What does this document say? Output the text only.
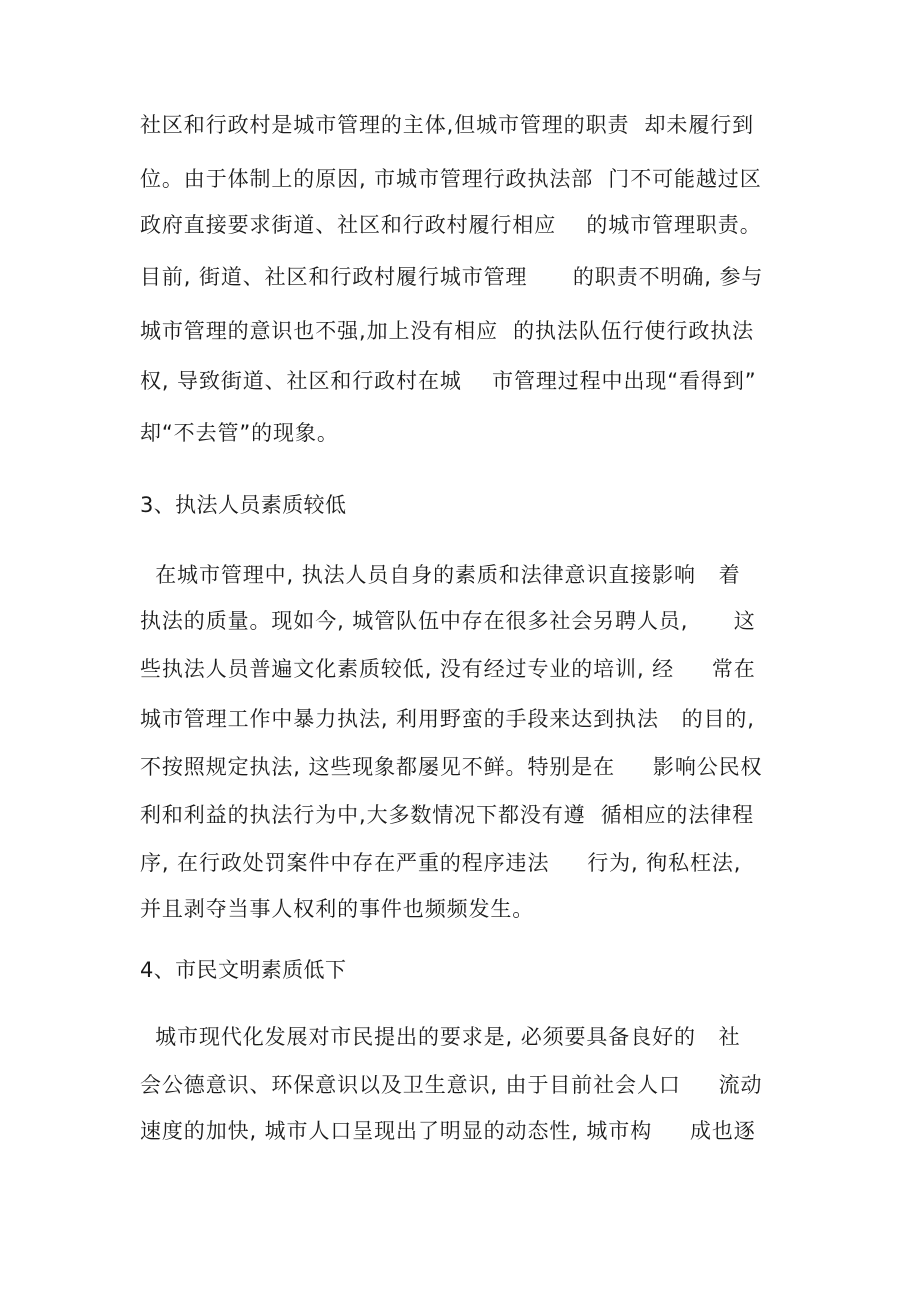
社区和行政村是城市管理的主体,但城市管理的职责  却未履行到
位。由于体制上的原因, 市城市管理行政执法部  门不可能越过区
政府直接要求街道、社区和行政村履行相应    的城市管理职责。
目前, 街道、社区和行政村履行城市管理      的职责不明确, 参与
城市管理的意识也不强,加上没有相应  的执法队伍行使行政执法
权, 导致街道、社区和行政村在城    市管理过程中出现“看得到”
却“不去管”的现象。
3、执法人员素质较低
在城市管理中, 执法人员自身的素质和法律意识直接影响   着
执法的质量。现如今, 城管队伍中存在很多社会另聘人员,      这
些执法人员普遍文化素质较低, 没有经过专业的培训, 经     常在
城市管理工作中暴力执法, 利用野蛮的手段来达到执法   的目的,
不按照规定执法, 这些现象都屡见不鲜。特别是在     影响公民权
利和利益的执法行为中,大多数情况下都没有遵  循相应的法律程
序, 在行政处罚案件中存在严重的程序违法     行为, 徇私枉法,
并且剥夺当事人权利的事件也频频发生。
4、市民文明素质低下
城市现代化发展对市民提出的要求是, 必须要具备良好的   社
会公德意识、环保意识以及卫生意识, 由于目前社会人口     流动
速度的加快, 城市人口呈现出了明显的动态性, 城市构     成也逐
